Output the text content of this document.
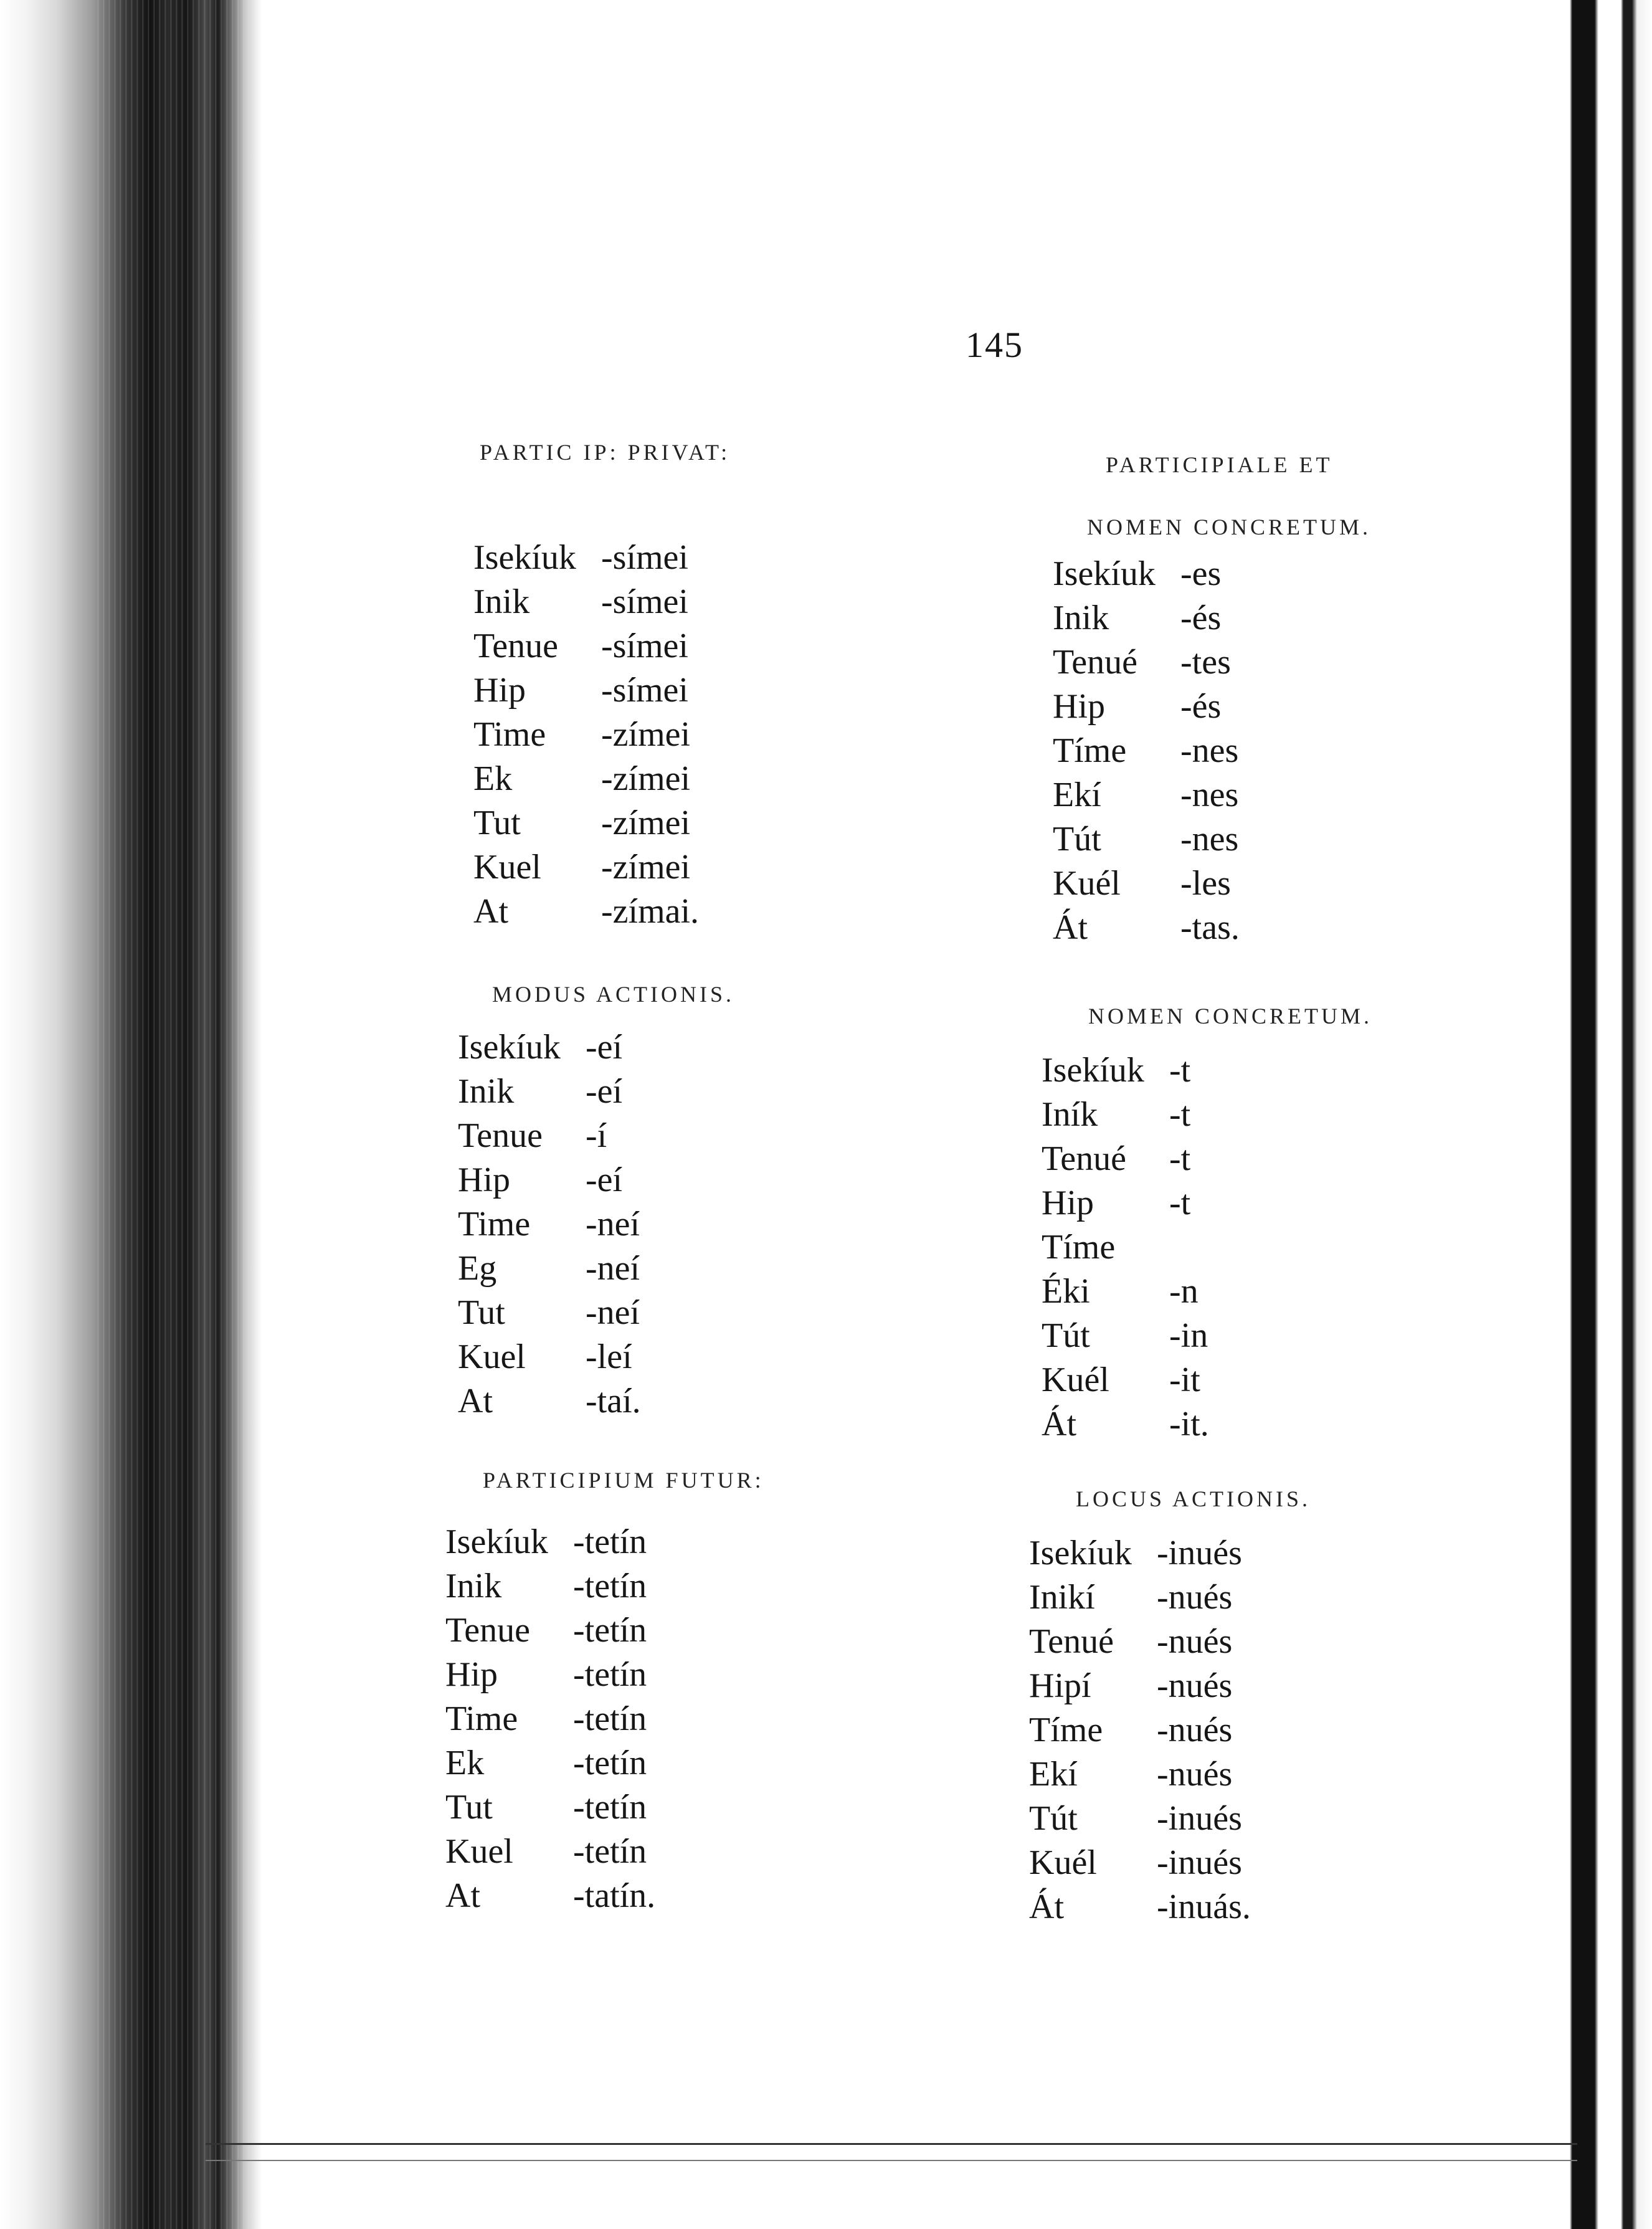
145
PARTIC IP: PRIVAT:
Isekíuk -símei
Inik	-símei
Tenue	-símei
Hip	-símei
Time	-zímei
Ek	-zímei
Tut	-zímei
Kuel	-zímei
At	-zímai.
MODUS ACTIONIS.
Isekíuk -eí
Inik	-eí
Tenue	-í
Hip	-eí
Time	-neí
Eg	-neí
Tut	-neí
Kuel	-leí
At	-taí.
PARTICIPIUM FUTUR:
Isekíuk -tetín
Inik	-tetín
Tenue	-tetín
Hip	-tetín
Time	-tetín
Ek	-tetín
Tut	-tetín
Kuel	-tetín
At	-tatín.
PARTICIPIALE ET
NOMEN CONCRETUM.
Isekíuk -es
Inik	-és
Tenué	-tes
Hip	-és
Tíme	-nes
Ekí	-nes
Tút	-nes
Kuél	-les
Át	-tas.
NOMEN CONCRETUM.
Isekíuk -t
Iník	-t
Tenué	-t
Hip	-t
Tíme
Éki	-n
Tút	-in
Kuél	-it
Át	-it.
LOCUS ACTIONIS.
Isekíuk -inués
Inikí	-nués
Tenué	-nués
Hipí	-nués
Tíme	-nués
Ekí	-nués
Tút	-inués
Kuél	-inués
Át	-inuás.
